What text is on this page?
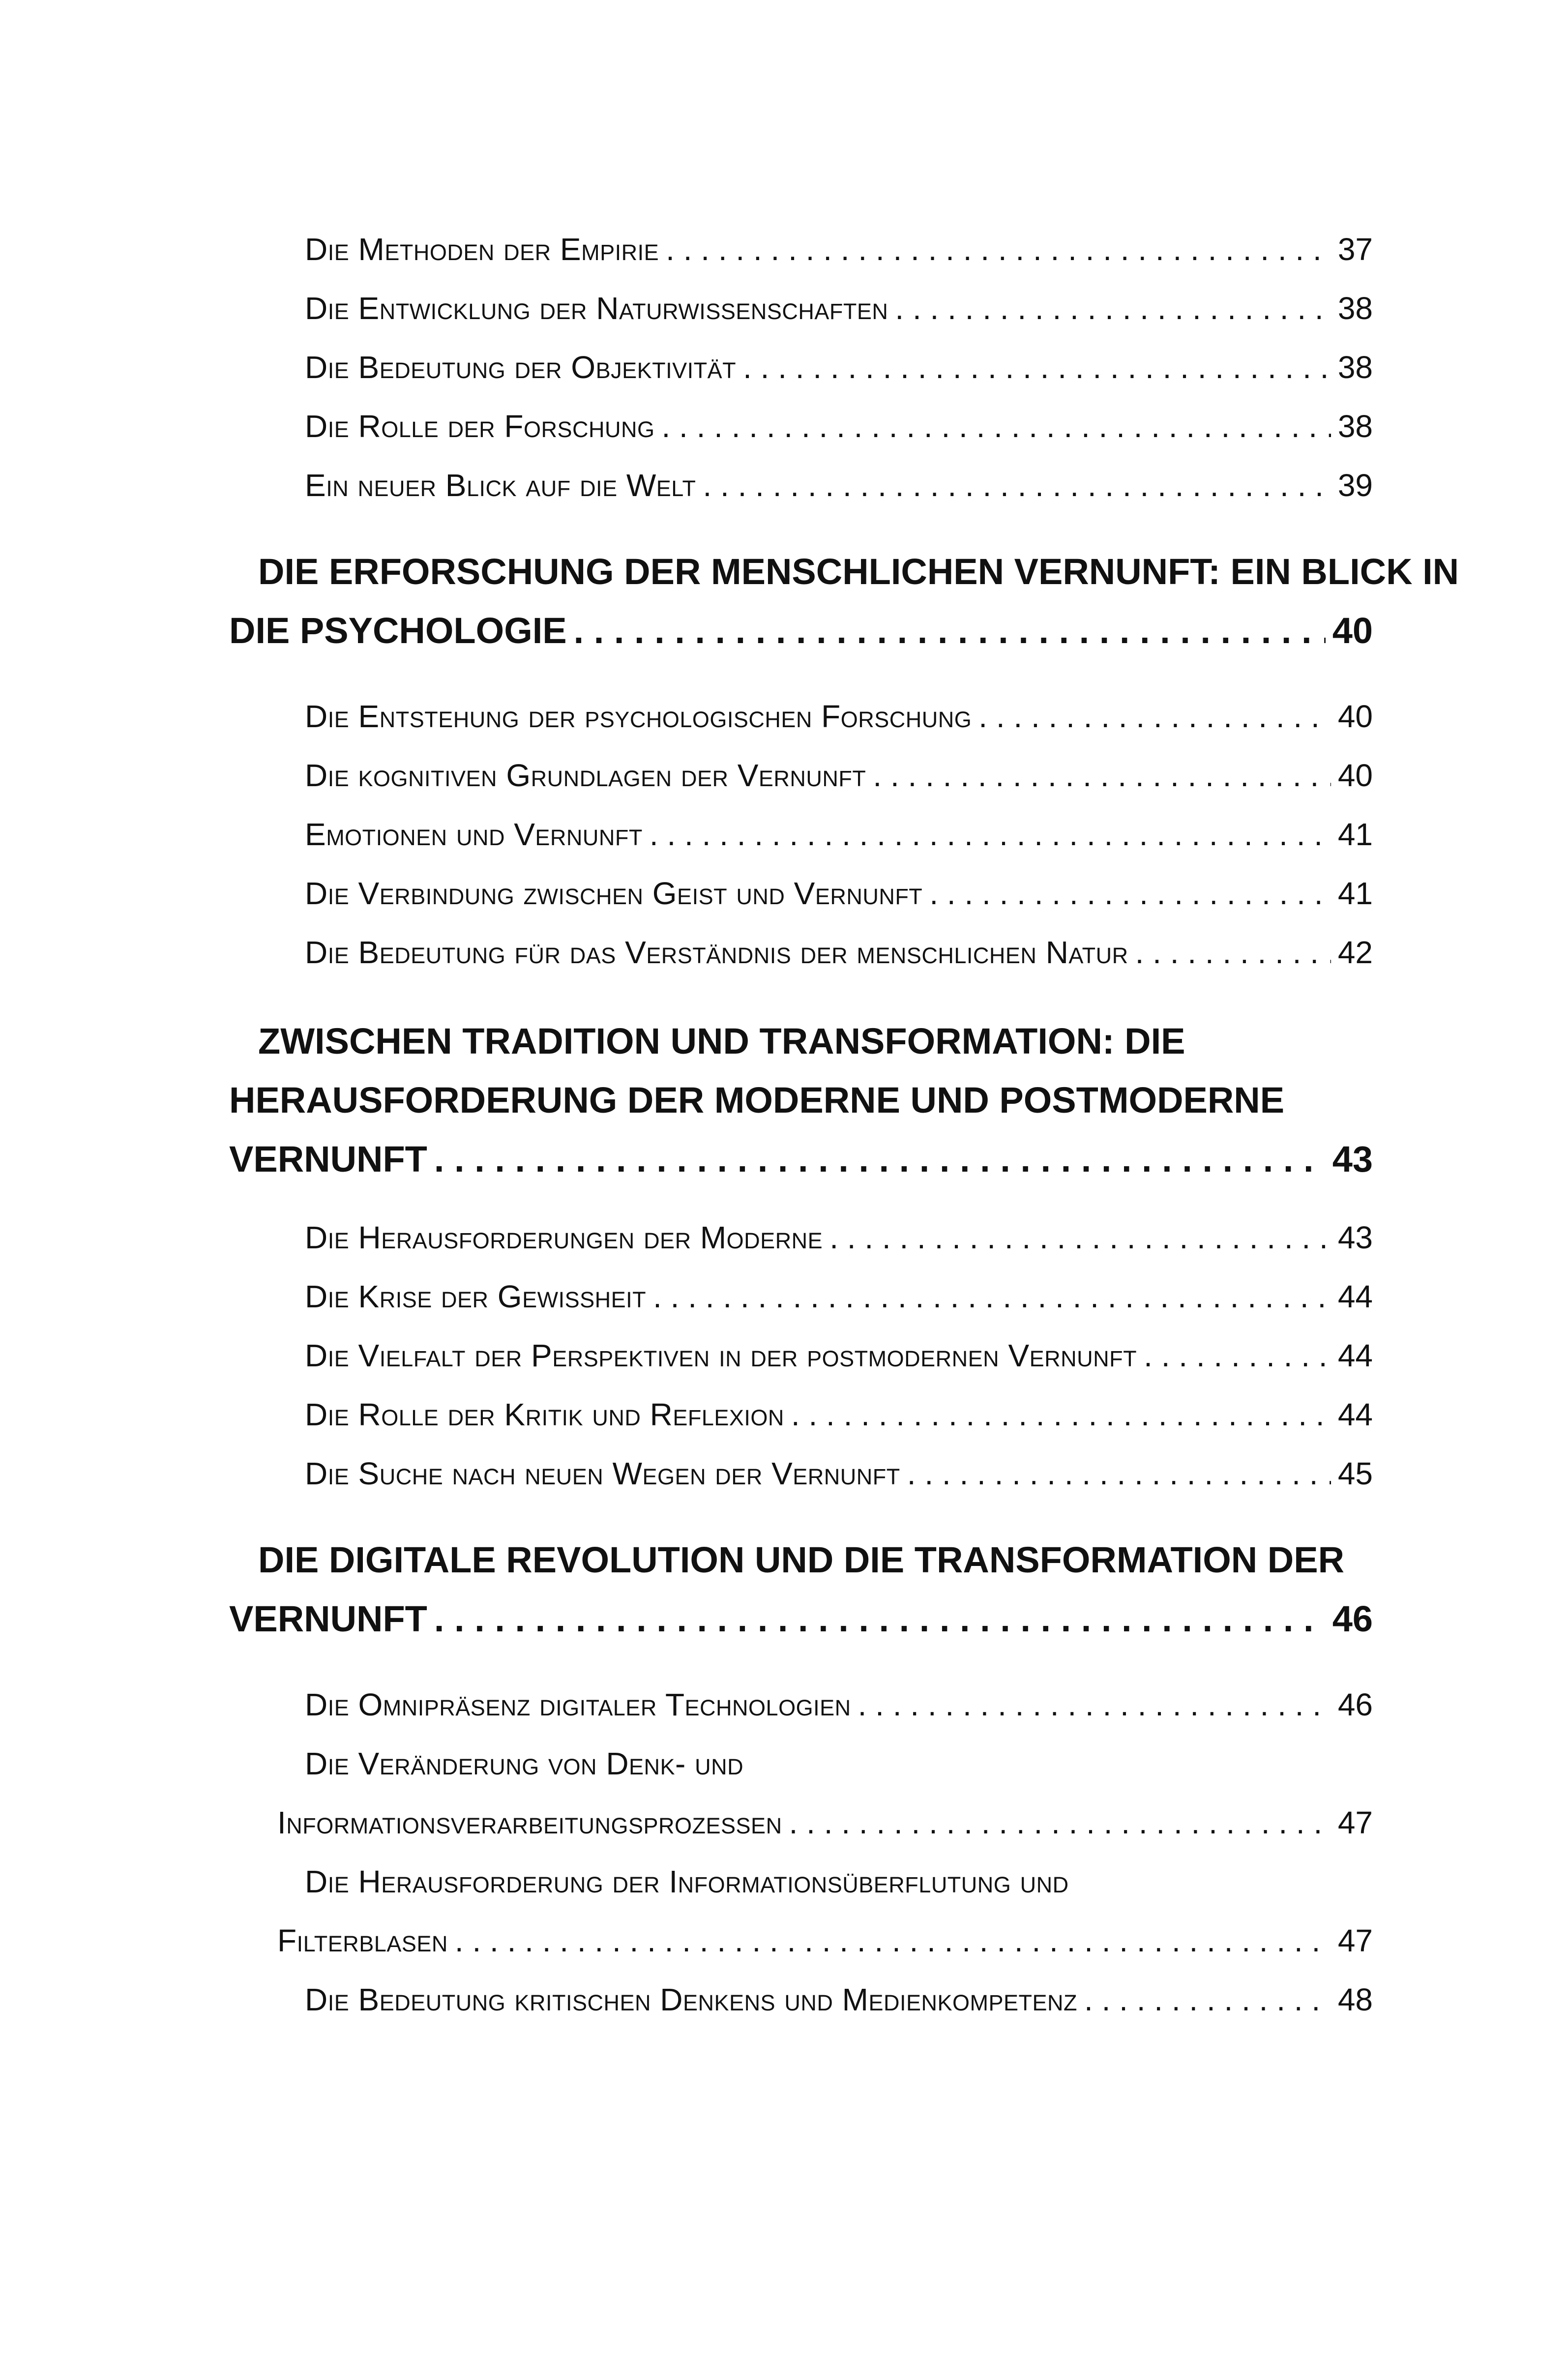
Die Methoden der Empirie . . .	37
Die Entwicklung der Naturwissenschaften . . .	38
Die Bedeutung der Objektivität . . .	38
Die Rolle der Forschung . . .	38
Ein neuer Blick auf die Welt . . .	39
DIE ERFORSCHUNG DER MENSCHLICHEN VERNUNFT: EIN BLICK IN
DIE PSYCHOLOGIE . . .	40
Die Entstehung der psychologischen Forschung . . .	40
Die kognitiven Grundlagen der Vernunft . . .	40
Emotionen und Vernunft . . .	41
Die Verbindung zwischen Geist und Vernunft . . .	41
Die Bedeutung für das Verständnis der menschlichen Natur . . .	42
ZWISCHEN TRADITION UND TRANSFORMATION: DIE
HERAUSFORDERUNG DER MODERNE UND POSTMODERNE
VERNUNFT . . .	43
Die Herausforderungen der Moderne . . .	43
Die Krise der Gewissheit . . .	44
Die Vielfalt der Perspektiven in der postmodernen Vernunft . . .	44
Die Rolle der Kritik und Reflexion . . .	44
Die Suche nach neuen Wegen der Vernunft . . .	45
DIE DIGITALE REVOLUTION UND DIE TRANSFORMATION DER
VERNUNFT . . .	46
Die Omnipräsenz digitaler Technologien . . .	46
Die Veränderung von Denk- und
Informationsverarbeitungsprozessen . . .	47
Die Herausforderung der Informationsüberflutung und
Filterblasen . . .	47
Die Bedeutung kritischen Denkens und Medienkompetenz . . .	48
